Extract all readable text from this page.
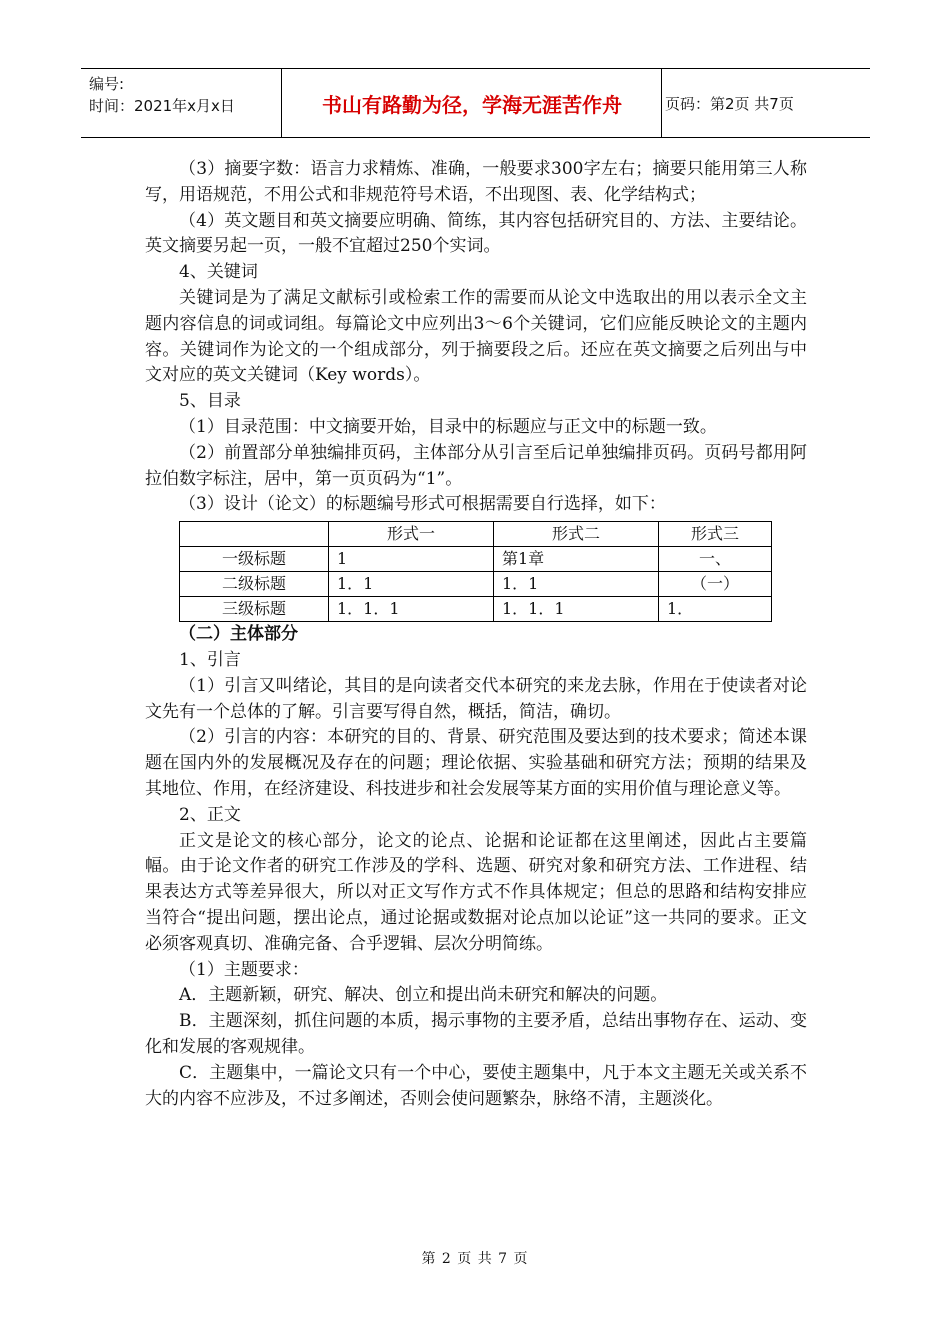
编号:
时间：2021年x月x日	书山有路勤为径，学海无涯苦作舟	页码：第2页 共7页

（3）摘要字数：语言力求精炼、准确，一般要求300字左右；摘要只能用第三人称写，用语规范，不用公式和非规范符号术语，不出现图、表、化学结构式；

（4）英文题目和英文摘要应明确、简练，其内容包括研究目的、方法、主要结论。英文摘要另起一页，一般不宜超过250个实词。

4、关键词

关键词是为了满足文献标引或检索工作的需要而从论文中选取出的用以表示全文主题内容信息的词或词组。每篇论文中应列出3～6个关键词，它们应能反映论文的主题内容。关键词作为论文的一个组成部分，列于摘要段之后。还应在英文摘要之后列出与中文对应的英文关键词（Key words）。

5、目录

（1）目录范围：中文摘要开始，目录中的标题应与正文中的标题一致。

（2）前置部分单独编排页码，主体部分从引言至后记单独编排页码。页码号都用阿拉伯数字标注，居中，第一页页码为“1”。

（3）设计（论文）的标题编号形式可根据需要自行选择，如下：

	形式一	形式二	形式三
一级标题	1	第1章	一、
二级标题	1．1	1．1	（一）
三级标题	1．1．1	1．1．1	1．

（二）主体部分

1、引言

（1）引言又叫绪论，其目的是向读者交代本研究的来龙去脉，作用在于使读者对论文先有一个总体的了解。引言要写得自然，概括，简洁，确切。

（2）引言的内容：本研究的目的、背景、研究范围及要达到的技术要求；简述本课题在国内外的发展概况及存在的问题；理论依据、实验基础和研究方法；预期的结果及其地位、作用，在经济建设、科技进步和社会发展等某方面的实用价值与理论意义等。

2、正文

正文是论文的核心部分，论文的论点、论据和论证都在这里阐述，因此占主要篇幅。由于论文作者的研究工作涉及的学科、选题、研究对象和研究方法、工作进程、结果表达方式等差异很大，所以对正文写作方式不作具体规定；但总的思路和结构安排应当符合“提出问题，摆出论点，通过论据或数据对论点加以论证”这一共同的要求。正文必须客观真切、准确完备、合乎逻辑、层次分明简练。

（1）主题要求：

A．主题新颖，研究、解决、创立和提出尚未研究和解决的问题。

B．主题深刻，抓住问题的本质，揭示事物的主要矛盾，总结出事物存在、运动、变化和发展的客观规律。

C．主题集中，一篇论文只有一个中心，要使主题集中，凡于本文主题无关或关系不大的内容不应涉及，不过多阐述，否则会使问题繁杂，脉络不清，主题淡化。

第 2 页 共 7 页
